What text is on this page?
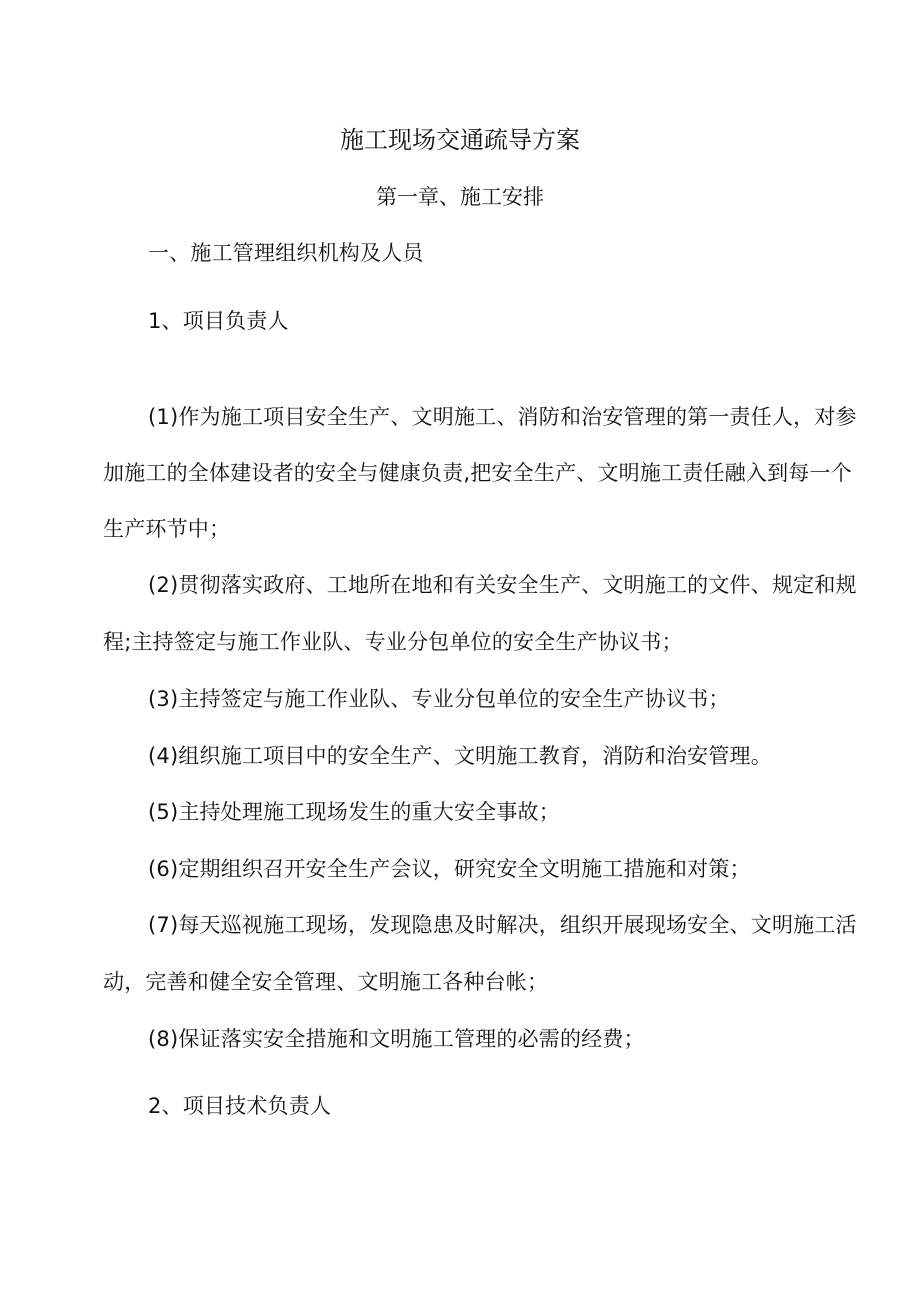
施工现场交通疏导方案
第一章、施工安排
一、施工管理组织机构及人员
1、项目负责人
(1)作为施工项目安全生产、文明施工、消防和治安管理的第一责任人，对参
加施工的全体建设者的安全与健康负责,把安全生产、文明施工责任融入到每一个
生产环节中；
(2)贯彻落实政府、工地所在地和有关安全生产、文明施工的文件、规定和规
程;主持签定与施工作业队、专业分包单位的安全生产协议书；
(3)主持签定与施工作业队、专业分包单位的安全生产协议书；
(4)组织施工项目中的安全生产、文明施工教育，消防和治安管理。
(5)主持处理施工现场发生的重大安全事故；
(6)定期组织召开安全生产会议，研究安全文明施工措施和对策；
(7)每天巡视施工现场，发现隐患及时解决，组织开展现场安全、文明施工活
动，完善和健全安全管理、文明施工各种台帐；
(8)保证落实安全措施和文明施工管理的必需的经费；
2、项目技术负责人
